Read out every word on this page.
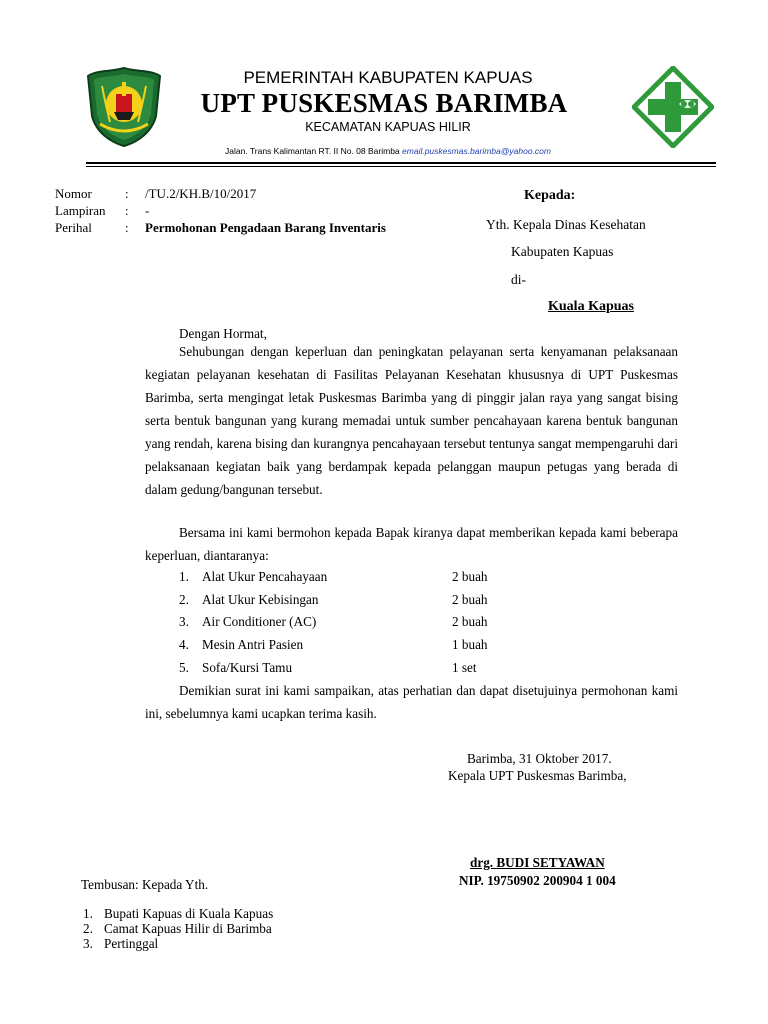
PEMERINTAH KABUPATEN KAPUAS
UPT PUSKESMAS BARIMBA
KECAMATAN KAPUAS HILIR
Jalan. Trans Kalimantan RT. II No. 08 Barimba email.puskesmas.barimba@yahoo.com
Nomor	: /TU.2/KH.B/10/2017
Lampiran : -
Perihal	: Permohonan Pengadaan Barang Inventaris
Kepada:
Yth. Kepala Dinas Kesehatan
Kabupaten Kapuas
di-
Kuala Kapuas
Dengan Hormat,

Sehubungan dengan keperluan dan peningkatan pelayanan serta kenyamanan pelaksanaan kegiatan pelayanan kesehatan di Fasilitas Pelayanan Kesehatan khususnya di UPT Puskesmas Barimba, serta mengingat letak Puskesmas Barimba yang di pinggir jalan raya yang sangat bising serta bentuk bangunan yang kurang memadai untuk sumber pencahayaan karena bentuk bangunan yang rendah, karena bising dan kurangnya pencahayaan tersebut tentunya sangat mempengaruhi dari pelaksanaan kegiatan baik yang berdampak kepada pelanggan maupun petugas yang berada di dalam gedung/bangunan tersebut.

Bersama ini kami bermohon kepada Bapak kiranya dapat memberikan kepada kami beberapa keperluan, diantaranya:

1. Alat Ukur Pencahayaan	2 buah
2. Alat Ukur Kebisingan	2 buah
3. Air Conditioner (AC)	2 buah
4. Mesin Antri Pasien	1 buah
5. Sofa/Kursi Tamu	1 set

Demikian surat ini kami sampaikan, atas perhatian dan dapat disetujuinya permohonan kami ini, sebelumnya kami ucapkan terima kasih.

Barimba, 31 Oktober 2017.
Kepala UPT Puskesmas Barimba,
drg. BUDI SETYAWAN
NIP. 19750902 200904 1 004
Tembusan: Kepada Yth.
1. Bupati Kapuas di Kuala Kapuas
2. Camat Kapuas Hilir di Barimba
3. Pertinggal
